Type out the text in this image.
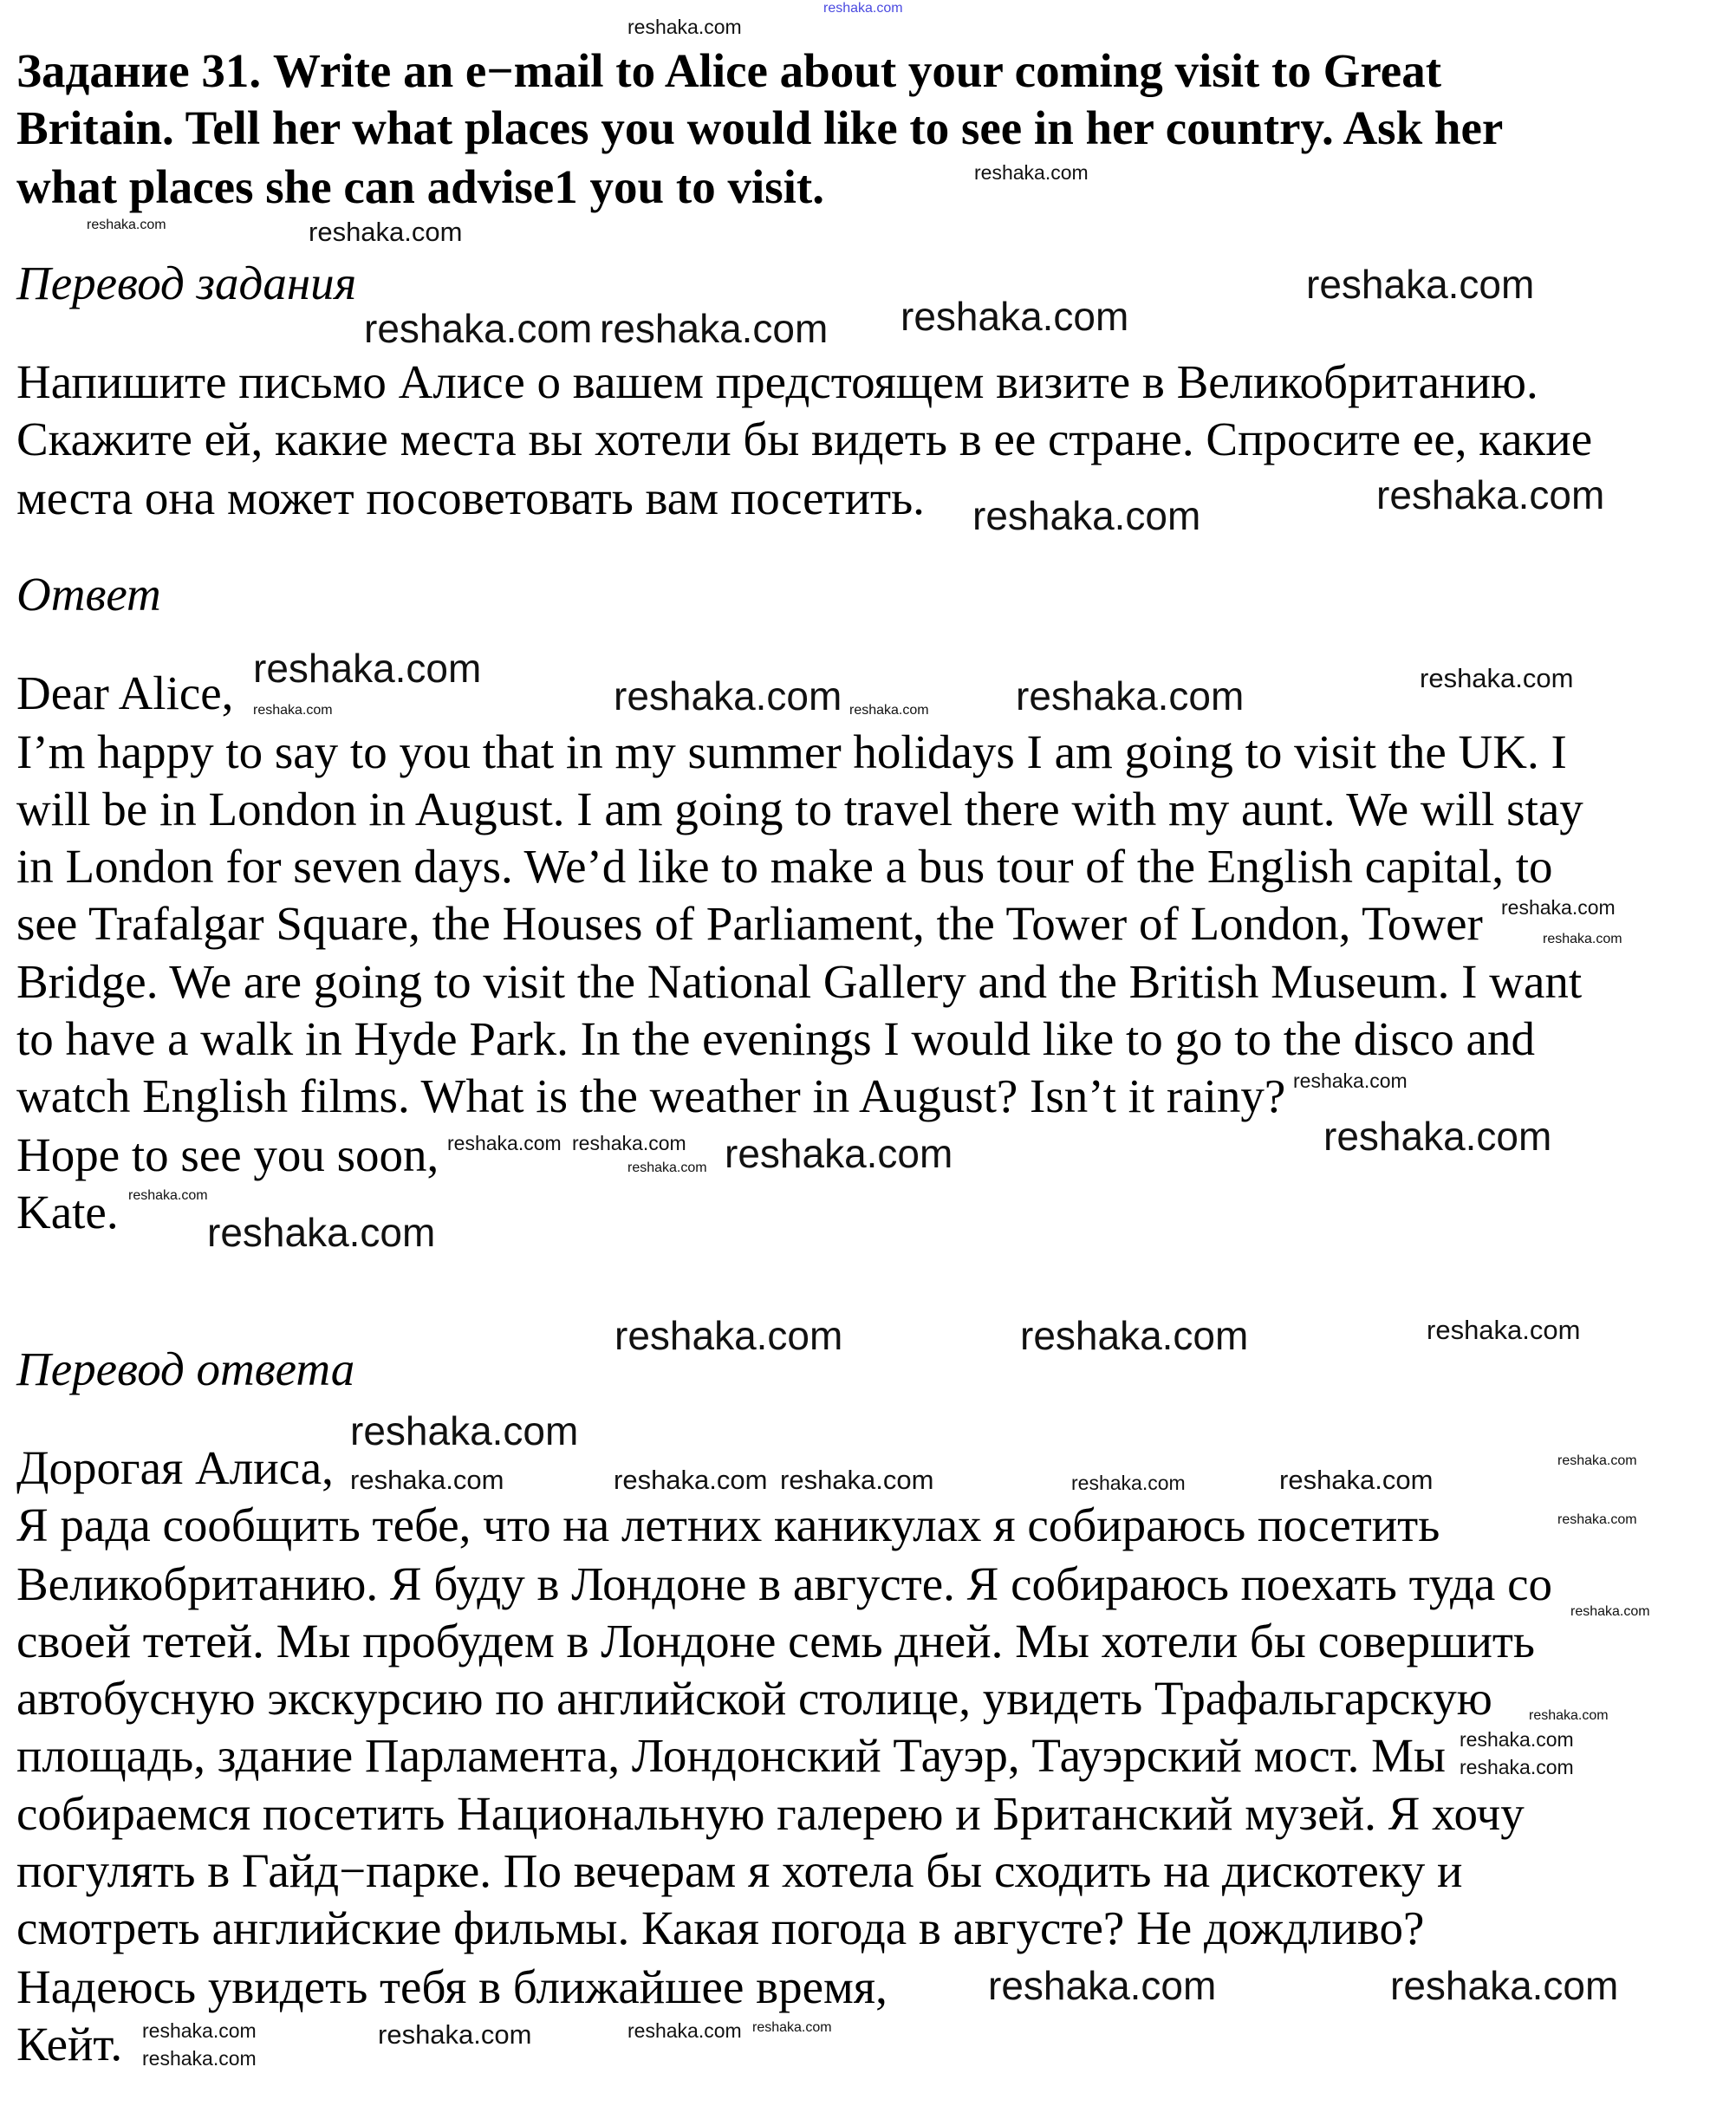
reshaka.com
Задание 31. Write an e−mail to Alice about your coming visit to Great
Britain. Tell her what places you would like to see in her country. Ask her
what places she can advise1 you to visit.
Перевод задания
Напишите письмо Алисе о вашем предстоящем визите в Великобританию.
Скажите ей, какие места вы хотели бы видеть в ее стране. Спросите ее, какие
места она может посоветовать вам посетить.
Ответ
Dear Alice,
I’m happy to say to you that in my summer holidays I am going to visit the UK. I
will be in London in August. I am going to travel there with my aunt. We will stay
in London for seven days. We’d like to make a bus tour of the English capital, to
see Trafalgar Square, the Houses of Parliament, the Tower of London, Tower
Bridge. We are going to visit the National Gallery and the British Museum. I want
to have a walk in Hyde Park. In the evenings I would like to go to the disco and
watch English films. What is the weather in August? Isn’t it rainy?
Hope to see you soon,
Kate.
Перевод ответа
Дорогая Алиса,
Я рада сообщить тебе, что на летних каникулах я собираюсь посетить
Великобританию. Я буду в Лондоне в августе. Я собираюсь поехать туда со
своей тетей. Мы пробудем в Лондоне семь дней. Мы хотели бы совершить
автобусную экскурсию по английской столице, увидеть Трафальгарскую
площадь, здание Парламента, Лондонский Тауэр, Тауэрский мост. Мы
собираемся посетить Национальную галерею и Британский музей. Я хочу
погулять в Гайд−парке. По вечерам я хотела бы сходить на дискотеку и
смотреть английские фильмы. Какая погода в августе? Не дождливо?
Надеюсь увидеть тебя в ближайшее время,
Кейт.
reshaka.com
reshaka.com
reshaka.com reshaka.com
reshaka.com
reshaka.com
reshaka.com
reshaka.com	reshaka.com	reshaka.com
reshaka.com	reshaka.com
reshaka.com
reshaka.com	reshaka.com	reshaka.com
reshaka.com
reshaka.com	reshaka.com
reshaka.com
reshaka.com
reshaka.com
reshaka.com
reshaka.com
reshaka.com
reshaka.com
reshaka.com
reshaka.com
reshaka.com reshaka.com
reshaka.com
reshaka.com
reshaka.com
reshaka.com
reshaka.com	reshaka.com	reshaka.com
reshaka.com
reshaka.com	reshaka.com
reshaka.com
reshaka.com
reshaka.com
reshaka.com	reshaka.com	reshaka.com
reshaka.com
reshaka.com
